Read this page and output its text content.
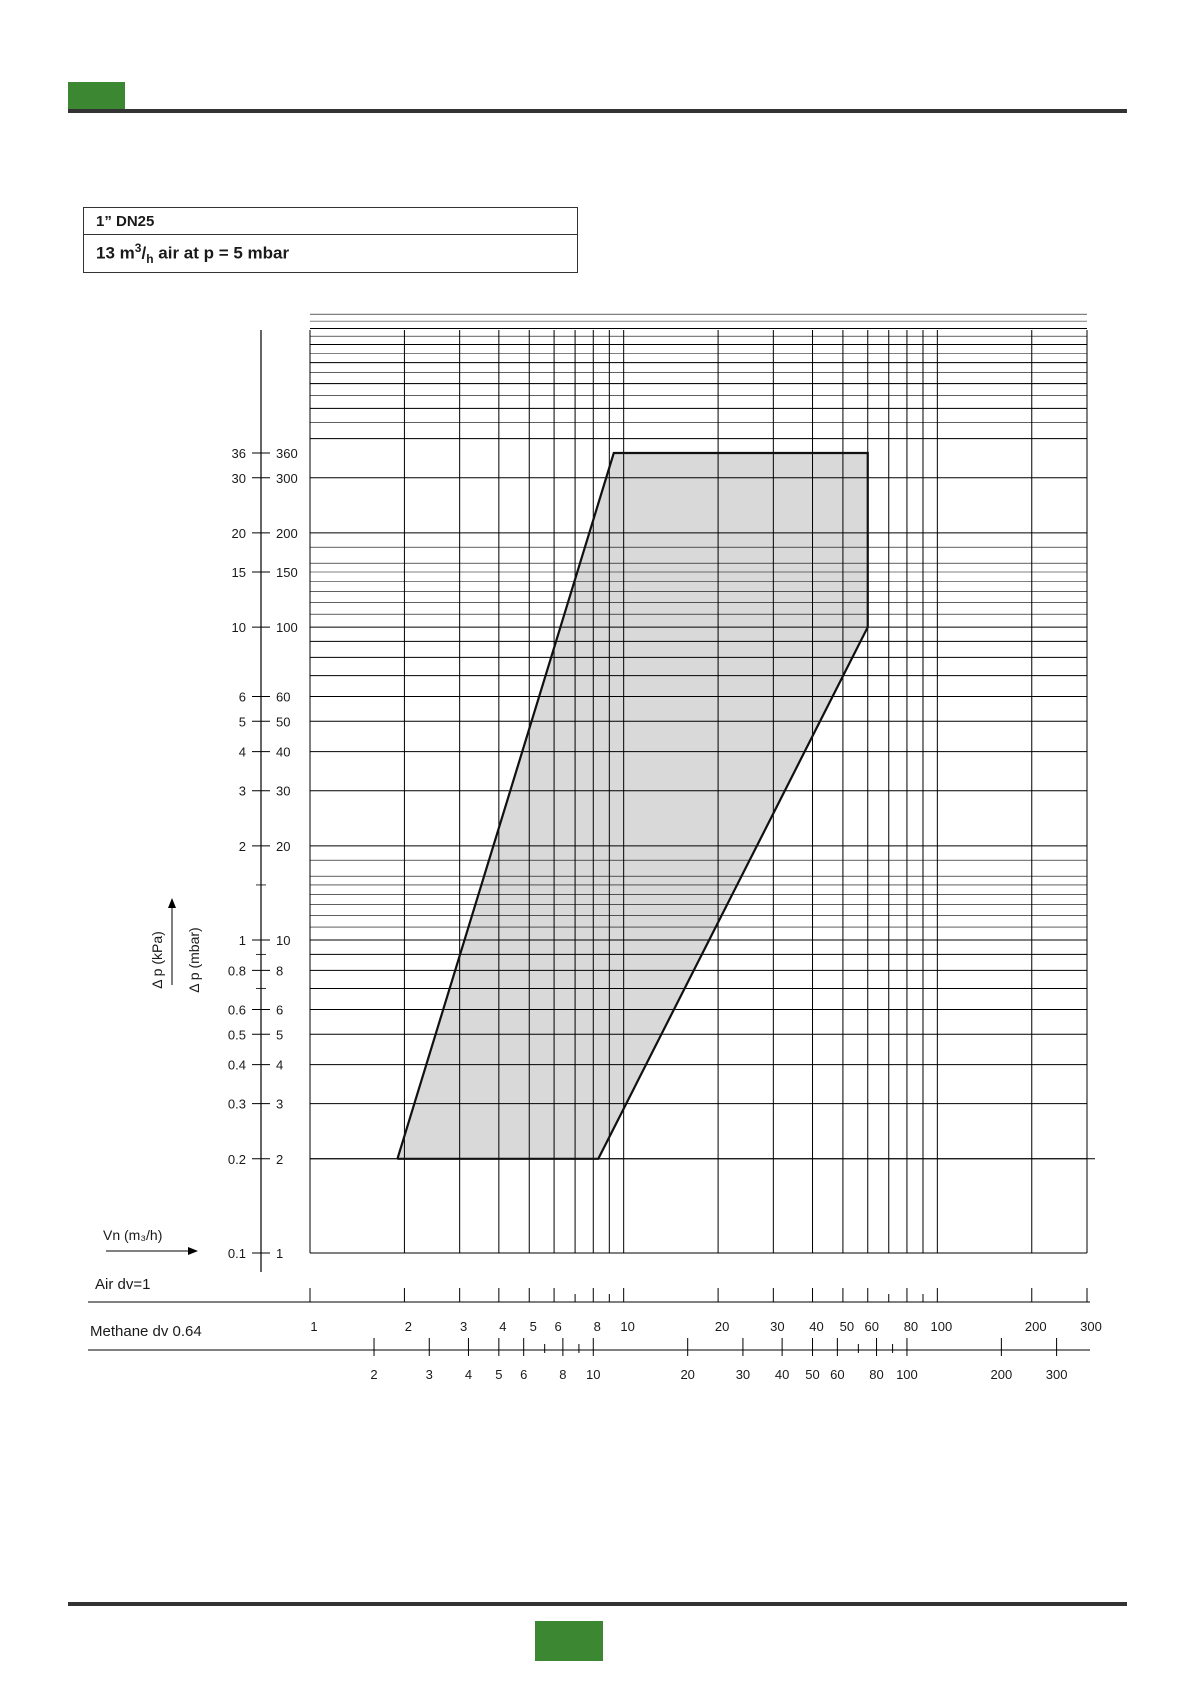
1” DN25
13 $m^3/_h$ air at p = 5 mbar
1
0.1
2
0.2
3
0.3
4
0.4
5
0.5
6
0.6
8
0.8
10
1
20
2
30
3
40
4
50
5
60
6
100
10
150
15
200
20
300
30
360
36
Δ p (kPa) Δ p (mbar)
Vn (m₃/h)
Air dv=1
1	2	3 4 5 6 8 10	20	30 40 50 60 80 100	200	300
Methane dv 0.64
2	3 4 5 6 8 10	20	30 40 50 60 80 100	200	300
